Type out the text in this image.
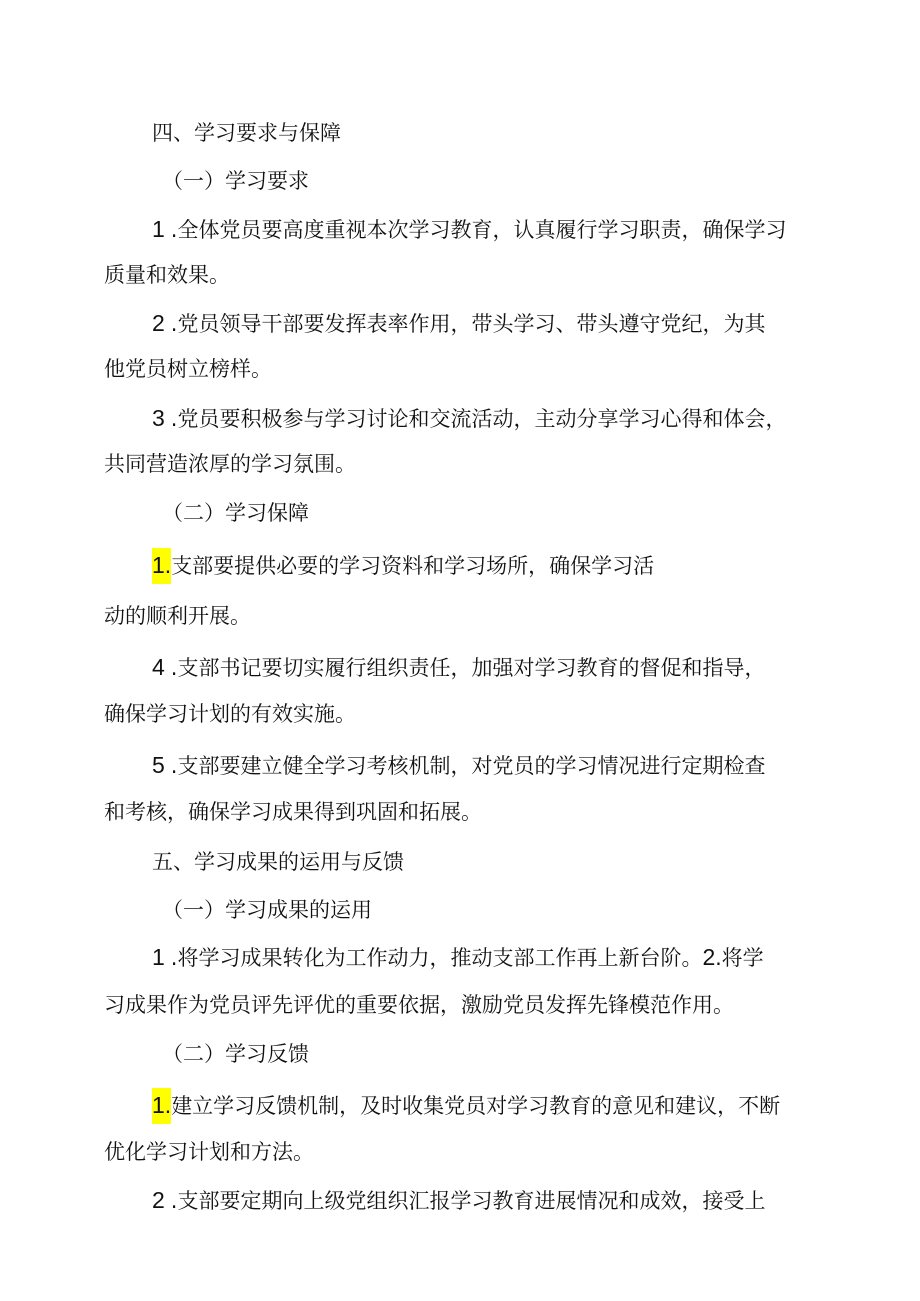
四、学习要求与保障
（一）学习要求
1 .全体党员要高度重视本次学习教育，认真履行学习职责，确保学习
质量和效果。
2 .党员领导干部要发挥表率作用，带头学习、带头遵守党纪，为其
他党员树立榜样。
3 .党员要积极参与学习讨论和交流活动，主动分享学习心得和体会，
共同营造浓厚的学习氛围。
（二）学习保障
1.支部要提供必要的学习资料和学习场所，确保学习活
动的顺利开展。
4 .支部书记要切实履行组织责任，加强对学习教育的督促和指导，
确保学习计划的有效实施。
5 .支部要建立健全学习考核机制，对党员的学习情况进行定期检查
和考核，确保学习成果得到巩固和拓展。
五、学习成果的运用与反馈
（一）学习成果的运用
1 .将学习成果转化为工作动力，推动支部工作再上新台阶。2.将学
习成果作为党员评先评优的重要依据，激励党员发挥先锋模范作用。
（二）学习反馈
1.建立学习反馈机制，及时收集党员对学习教育的意见和建议，不断
优化学习计划和方法。
2 .支部要定期向上级党组织汇报学习教育进展情况和成效，接受上
